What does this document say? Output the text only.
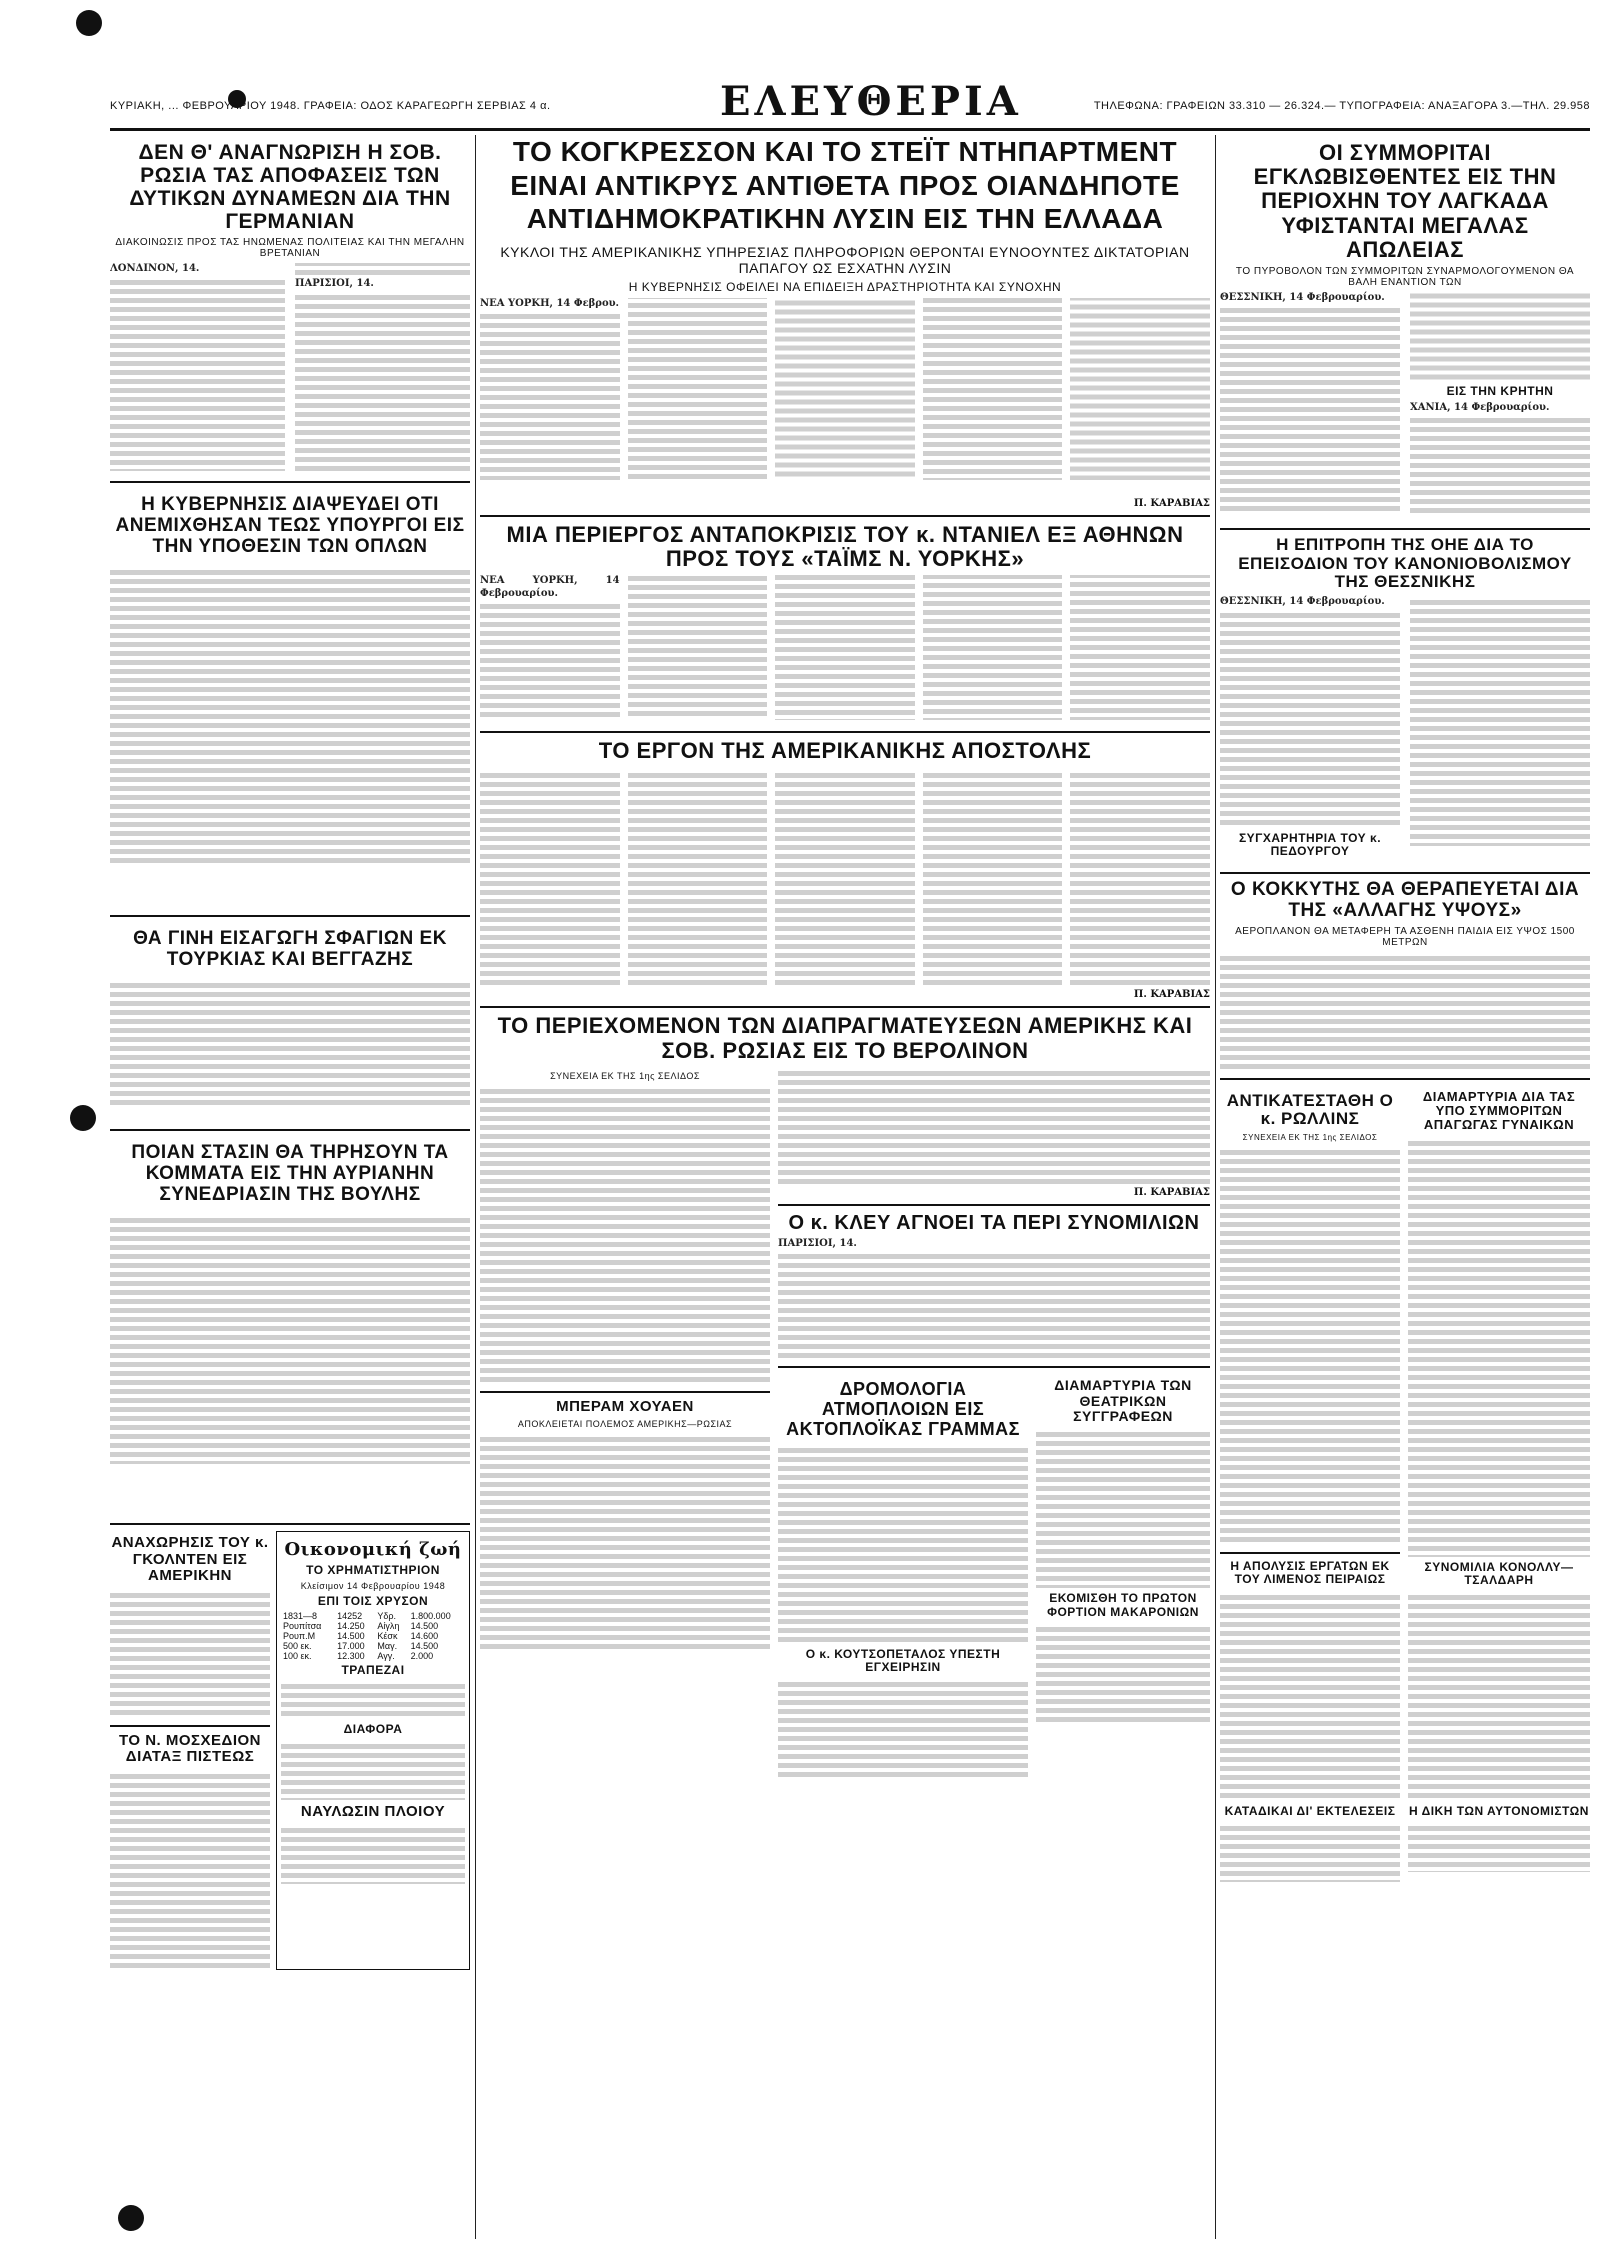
ΚΥΡΙΑΚΗ, ... ΦΕΒΡΟΥΑΡΙΟΥ 1948. ΓΡΑΦΕΙΑ: ΟΔΟΣ ΚΑΡΑΓΕΩΡΓΗ ΣΕΡΒΙΑΣ 4 α.	ΕΛΕΥΘΕΡΙΑ	ΤΗΛΕΦΩΝΑ: ΓΡΑΦΕΙΩΝ 33.310 — 26.324.— ΤΥΠΟΓΡΑΦΕΙΑ: ΑΝΑΞΑΓΟΡΑ 3.—ΤΗΛ. 29.958
ΔΕΝ Θ' ΑΝΑΓΝΩΡΙΣΗ Η ΣΟΒ. ΡΩΣΙΑ ΤΑΣ ΑΠΟΦΑΣΕΙΣ ΤΩΝ ΔΥΤΙΚΩΝ ΔΥΝΑΜΕΩΝ ΔΙΑ ΤΗΝ ΓΕΡΜΑΝΙΑΝ
ΔΙΑΚΟΙΝΩΣΙΣ ΠΡΟΣ ΤΑΣ ΗΝΩΜΕΝΑΣ ΠΟΛΙΤΕΙΑΣ ΚΑΙ ΤΗΝ ΜΕΓΑΛΗΝ ΒΡΕΤΑΝΙΑΝ

ΛΟΝΔΙΝΟΝ, 14.

ΠΑΡΙΣΙΟΙ, 14.

Η ΚΥΒΕΡΝΗΣΙΣ ΔΙΑΨΕΥΔΕΙ ΟΤΙ ΑΝΕΜΙΧΘΗΣΑΝ ΤΕΩΣ ΥΠΟΥΡΓΟΙ ΕΙΣ ΤΗΝ ΥΠΟΘΕΣΙΝ ΤΩΝ ΟΠΛΩΝ
ΘΑ ΓΙΝΗ ΕΙΣΑΓΩΓΗ ΣΦΑΓΙΩΝ ΕΚ ΤΟΥΡΚΙΑΣ ΚΑΙ ΒΕΓΓΑΖΗΣ
ΠΟΙΑΝ ΣΤΑΣΙΝ ΘΑ ΤΗΡΗΣΟΥΝ ΤΑ ΚΟΜΜΑΤΑ ΕΙΣ ΤΗΝ ΑΥΡΙΑΝΗΝ ΣΥΝΕΔΡΙΑΣΙΝ ΤΗΣ ΒΟΥΛΗΣ
ΑΝΑΧΩΡΗΣΙΣ ΤΟΥ κ. ΓΚΟΛΝΤΕΝ ΕΙΣ ΑΜΕΡΙΚΗΝ
ΤΟ Ν. ΜΟΣΧΕΔΙΟΝ ΔΙΑΤΑΞ ΠΙΣΤΕΩΣ
Οικονομική ζωή
ΤΟ ΧΡΗΜΑΤΙΣΤΗΡΙΟΝ
Κλείσιμον 14 Φεβρουαρίου 1948
ΕΠΙ ΤΟΙΣ ΧΡΥΣΟΝ
1831—8	14252	Υδρ.	1.800.000
Ρουπίτσα	14.250	Αίγλη	14.500
Ρουπ.Μ	14.500	Κέσκ	14.600
500 εκ.	17.000	Μαγ.	14.500
100 εκ.	12.300	Αγγ.	2.000
ΤΡΑΠΕΖΑΙ
ΔΙΑΦΟΡΑ
ΝΑΥΛΩΣΙΝ ΠΛΟΙΟΥ
ΤΟ ΚΟΓΚΡΕΣΣΟΝ ΚΑΙ ΤΟ ΣΤΕΪΤ ΝΤΗΠΑΡΤΜΕΝΤ ΕΙΝΑΙ ΑΝΤΙΚΡΥΣ ΑΝΤΙΘΕΤΑ ΠΡΟΣ ΟΙΑΝΔΗΠΟΤΕ ΑΝΤΙΔΗΜΟΚΡΑΤΙΚΗΝ ΛΥΣΙΝ ΕΙΣ ΤΗΝ ΕΛΛΑΔΑ
ΚΥΚΛΟΙ ΤΗΣ ΑΜΕΡΙΚΑΝΙΚΗΣ ΥΠΗΡΕΣΙΑΣ ΠΛΗΡΟΦΟΡΙΩΝ ΘΕΡΟΝΤΑΙ ΕΥΝΟΟΥΝΤΕΣ ΔΙΚΤΑΤΟΡΙΑΝ ΠΑΠΑΓΟΥ ΩΣ ΕΣΧΑΤΗΝ ΛΥΣΙΝ
Η ΚΥΒΕΡΝΗΣΙΣ ΟΦΕΙΛΕΙ ΝΑ ΕΠΙΔΕΙΞΗ ΔΡΑΣΤΗΡΙΟΤΗΤΑ ΚΑΙ ΣΥΝΟΧΗΝ

ΝΕΑ ΥΟΡΚΗ, 14 Φεβρου.

Π. ΚΑΡΑΒΙΑΣ
ΜΙΑ ΠΕΡΙΕΡΓΟΣ ΑΝΤΑΠΟΚΡΙΣΙΣ ΤΟΥ κ. ΝΤΑΝΙΕΛ ΕΞ ΑΘΗΝΩΝ ΠΡΟΣ ΤΟΥΣ «ΤΑΪΜΣ Ν. ΥΟΡΚΗΣ»

ΝΕΑ ΥΟΡΚΗ, 14 Φεβρουαρίου.

ΤΟ ΕΡΓΟΝ ΤΗΣ ΑΜΕΡΙΚΑΝΙΚΗΣ ΑΠΟΣΤΟΛΗΣ
Π. ΚΑΡΑΒΙΑΣ
ΤΟ ΠΕΡΙΕΧΟΜΕΝΟΝ ΤΩΝ ΔΙΑΠΡΑΓΜΑΤΕΥΣΕΩΝ ΑΜΕΡΙΚΗΣ ΚΑΙ ΣΟΒ. ΡΩΣΙΑΣ ΕΙΣ ΤΟ ΒΕΡΟΛΙΝΟΝ
ΣΥΝΕΧΕΙΑ ΕΚ ΤΗΣ 1ης ΣΕΛΙΔΟΣ
ΜΠΕΡΑΜ ΧΟΥΑΕΝ
ΑΠΟΚΛΕΙΕΤΑΙ ΠΟΛΕΜΟΣ ΑΜΕΡΙΚΗΣ—ΡΩΣΙΑΣ
Π. ΚΑΡΑΒΙΑΣ
Ο κ. ΚΛΕΥ ΑΓΝΟΕΙ ΤΑ ΠΕΡΙ ΣΥΝΟΜΙΛΙΩΝ

ΠΑΡΙΣΙΟΙ, 14.

ΔΡΟΜΟΛΟΓΙΑ ΑΤΜΟΠΛΟΙΩΝ ΕΙΣ ΑΚΤΟΠΛΟΪΚΑΣ ΓΡΑΜΜΑΣ
Ο κ. ΚΟΥΤΣΟΠΕΤΑΛΟΣ ΥΠΕΣΤΗ ΕΓΧΕΙΡΗΣΙΝ
ΔΙΑΜΑΡΤΥΡΙΑ ΤΩΝ ΘΕΑΤΡΙΚΩΝ ΣΥΓΓΡΑΦΕΩΝ
ΕΚΟΜΙΣΘΗ ΤΟ ΠΡΩΤΟΝ ΦΟΡΤΙΟΝ ΜΑΚΑΡΟΝΙΩΝ
ΟΙ ΣΥΜΜΟΡΙΤΑΙ ΕΓΚΛΩΒΙΣΘΕΝΤΕΣ ΕΙΣ ΤΗΝ ΠΕΡΙΟΧΗΝ ΤΟΥ ΛΑΓΚΑΔΑ ΥΦΙΣΤΑΝΤΑΙ ΜΕΓΑΛΑΣ ΑΠΩΛΕΙΑΣ
ΤΟ ΠΥΡΟΒΟΛΟΝ ΤΩΝ ΣΥΜΜΟΡΙΤΩΝ ΣΥΝΑΡΜΟΛΟΓΟΥΜΕΝΟΝ ΘΑ ΒΑΛΗ ΕΝΑΝΤΙΟΝ ΤΩΝ

ΘΕΣΣΝΙΚΗ, 14 Φεβρουαρίου.

ΕΙΣ ΤΗΝ ΚΡΗΤΗΝ

ΧΑΝΙΑ, 14 Φεβρουαρίου.

Η ΕΠΙΤΡΟΠΗ ΤΗΣ ΟΗΕ ΔΙΑ ΤΟ ΕΠΕΙΣΟΔΙΟΝ ΤΟΥ ΚΑΝΟΝΙΟΒΟΛΙΣΜΟΥ ΤΗΣ ΘΕΣΣΝΙΚΗΣ

ΘΕΣΣΝΙΚΗ, 14 Φεβρουαρίου.

ΣΥΓΧΑΡΗΤΗΡΙΑ ΤΟΥ κ. ΠΕΔΟΥΡΓΟΥ
Ο ΚΟΚΚΥΤΗΣ ΘΑ ΘΕΡΑΠΕΥΕΤΑΙ ΔΙΑ ΤΗΣ «ΑΛΛΑΓΗΣ ΥΨΟΥΣ»
ΑΕΡΟΠΛΑΝΟΝ ΘΑ ΜΕΤΑΦΕΡΗ ΤΑ ΑΣΘΕΝΗ ΠΑΙΔΙΑ ΕΙΣ ΥΨΟΣ 1500 ΜΕΤΡΩΝ
ΑΝΤΙΚΑΤΕΣΤΑΘΗ Ο κ. ΡΩΛΛΙΝΣ
ΣΥΝΕΧΕΙΑ ΕΚ ΤΗΣ 1ης ΣΕΛΙΔΟΣ
Η ΑΠΟΛΥΣΙΣ ΕΡΓΑΤΩΝ ΕΚ ΤΟΥ ΛΙΜΕΝΟΣ ΠΕΙΡΑΙΩΣ
ΚΑΤΑΔΙΚΑΙ ΔΙ' ΕΚΤΕΛΕΣΕΙΣ
ΔΙΑΜΑΡΤΥΡΙΑ ΔΙΑ ΤΑΣ ΥΠΟ ΣΥΜΜΟΡΙΤΩΝ ΑΠΑΓΩΓΑΣ ΓΥΝΑΙΚΩΝ
ΣΥΝΟΜΙΛΙΑ ΚΟΝΟΛΛΥ—ΤΣΑΛΔΑΡΗ
Η ΔΙΚΗ ΤΩΝ ΑΥΤΟΝΟΜΙΣΤΩΝ
